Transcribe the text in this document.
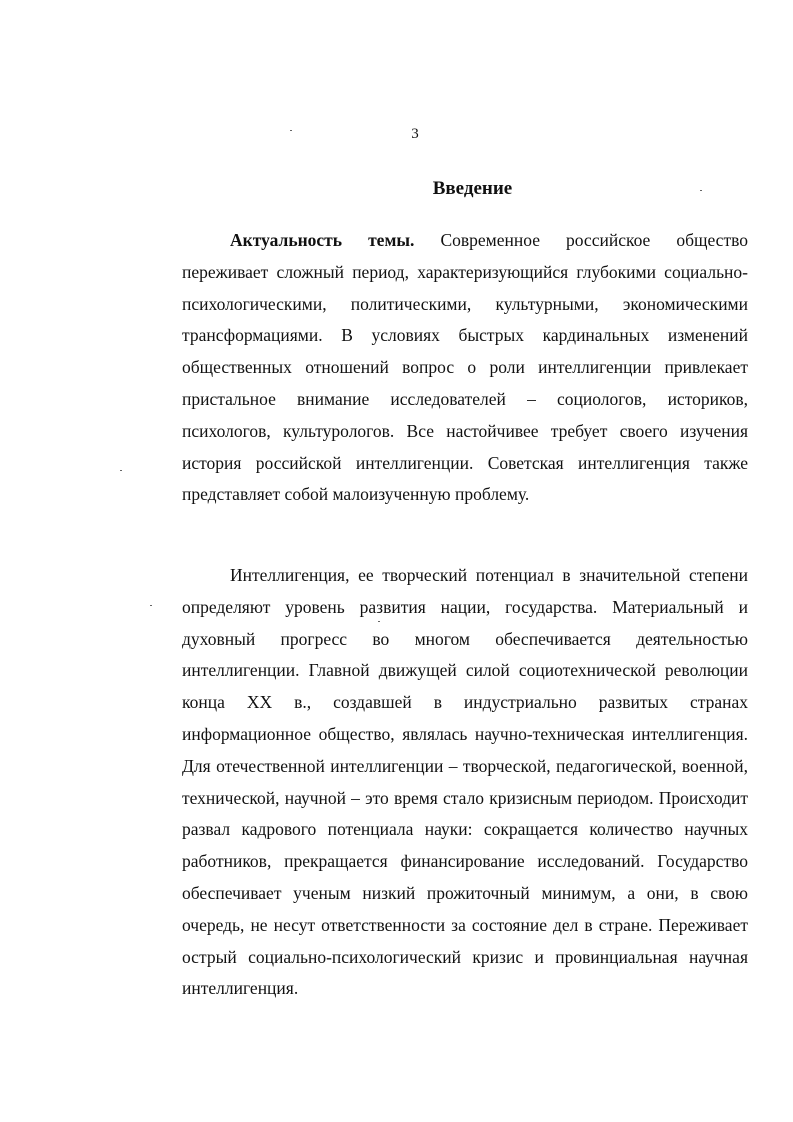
3
Введение

Актуальность темы. Современное российское общество переживает сложный период, характеризующийся глубокими социально-психологическими, политическими, культурными, экономическими трансформациями. В условиях быстрых кардинальных изменений общественных отношений вопрос о роли интеллигенции привлекает пристальное внимание исследователей – социологов, историков, психологов, культурологов. Все настойчивее требует своего изучения история российской интеллигенции. Советская интеллигенция также представляет собой малоизученную проблему.

Интеллигенция, ее творческий потенциал в значительной степени определяют уровень развития нации, государства. Материальный и духовный прогресс во многом обеспечивается деятельностью интеллигенции. Главной движущей силой социотехнической революции конца XX в., создавшей в индустриально развитых странах информационное общество, являлась научно-техническая интеллигенция. Для отечественной интеллигенции – творческой, педагогической, военной, технической, научной – это время стало кризисным периодом. Происходит развал кадрового потенциала науки: сокращается количество научных работников, прекращается финансирование исследований. Государство обеспечивает ученым низкий прожиточный минимум, а они, в свою очередь, не несут ответственности за состояние дел в стране. Переживает острый социально-психологический кризис и провинциальная научная интеллигенция.
